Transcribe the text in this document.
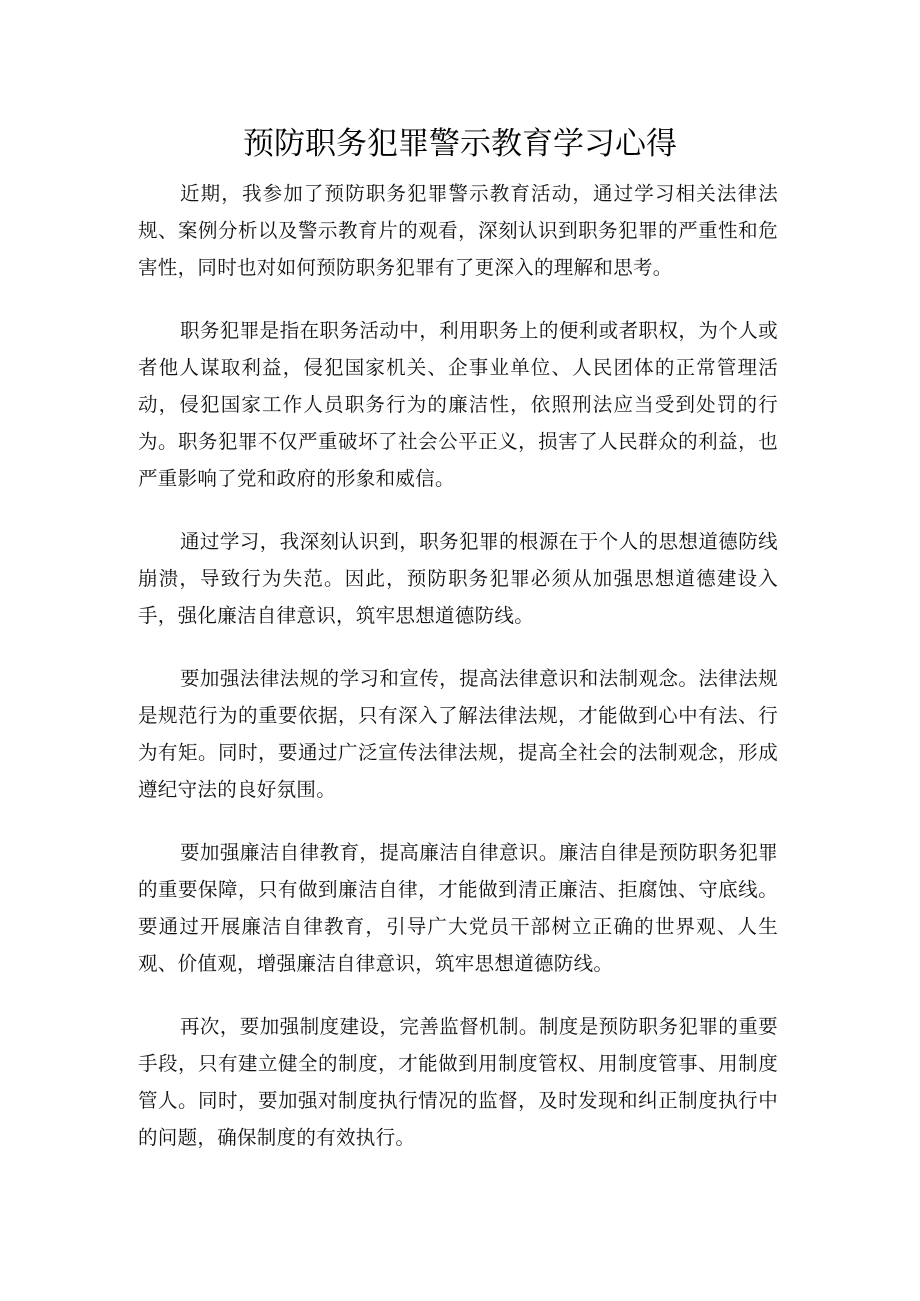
预防职务犯罪警示教育学习心得

近期，我参加了预防职务犯罪警示教育活动，通过学习相关法律法规、案例分析以及警示教育片的观看，深刻认识到职务犯罪的严重性和危害性，同时也对如何预防职务犯罪有了更深入的理解和思考。

职务犯罪是指在职务活动中，利用职务上的便利或者职权，为个人或者他人谋取利益，侵犯国家机关、企事业单位、人民团体的正常管理活动，侵犯国家工作人员职务行为的廉洁性，依照刑法应当受到处罚的行为。职务犯罪不仅严重破坏了社会公平正义，损害了人民群众的利益，也严重影响了党和政府的形象和威信。

通过学习，我深刻认识到，职务犯罪的根源在于个人的思想道德防线崩溃，导致行为失范。因此，预防职务犯罪必须从加强思想道德建设入手，强化廉洁自律意识，筑牢思想道德防线。

要加强法律法规的学习和宣传，提高法律意识和法制观念。法律法规是规范行为的重要依据，只有深入了解法律法规，才能做到心中有法、行为有矩。同时，要通过广泛宣传法律法规，提高全社会的法制观念，形成遵纪守法的良好氛围。

要加强廉洁自律教育，提高廉洁自律意识。廉洁自律是预防职务犯罪的重要保障，只有做到廉洁自律，才能做到清正廉洁、拒腐蚀、守底线。要通过开展廉洁自律教育，引导广大党员干部树立正确的世界观、人生观、价值观，增强廉洁自律意识，筑牢思想道德防线。

再次，要加强制度建设，完善监督机制。制度是预防职务犯罪的重要手段，只有建立健全的制度，才能做到用制度管权、用制度管事、用制度管人。同时，要加强对制度执行情况的监督，及时发现和纠正制度执行中的问题，确保制度的有效执行。
